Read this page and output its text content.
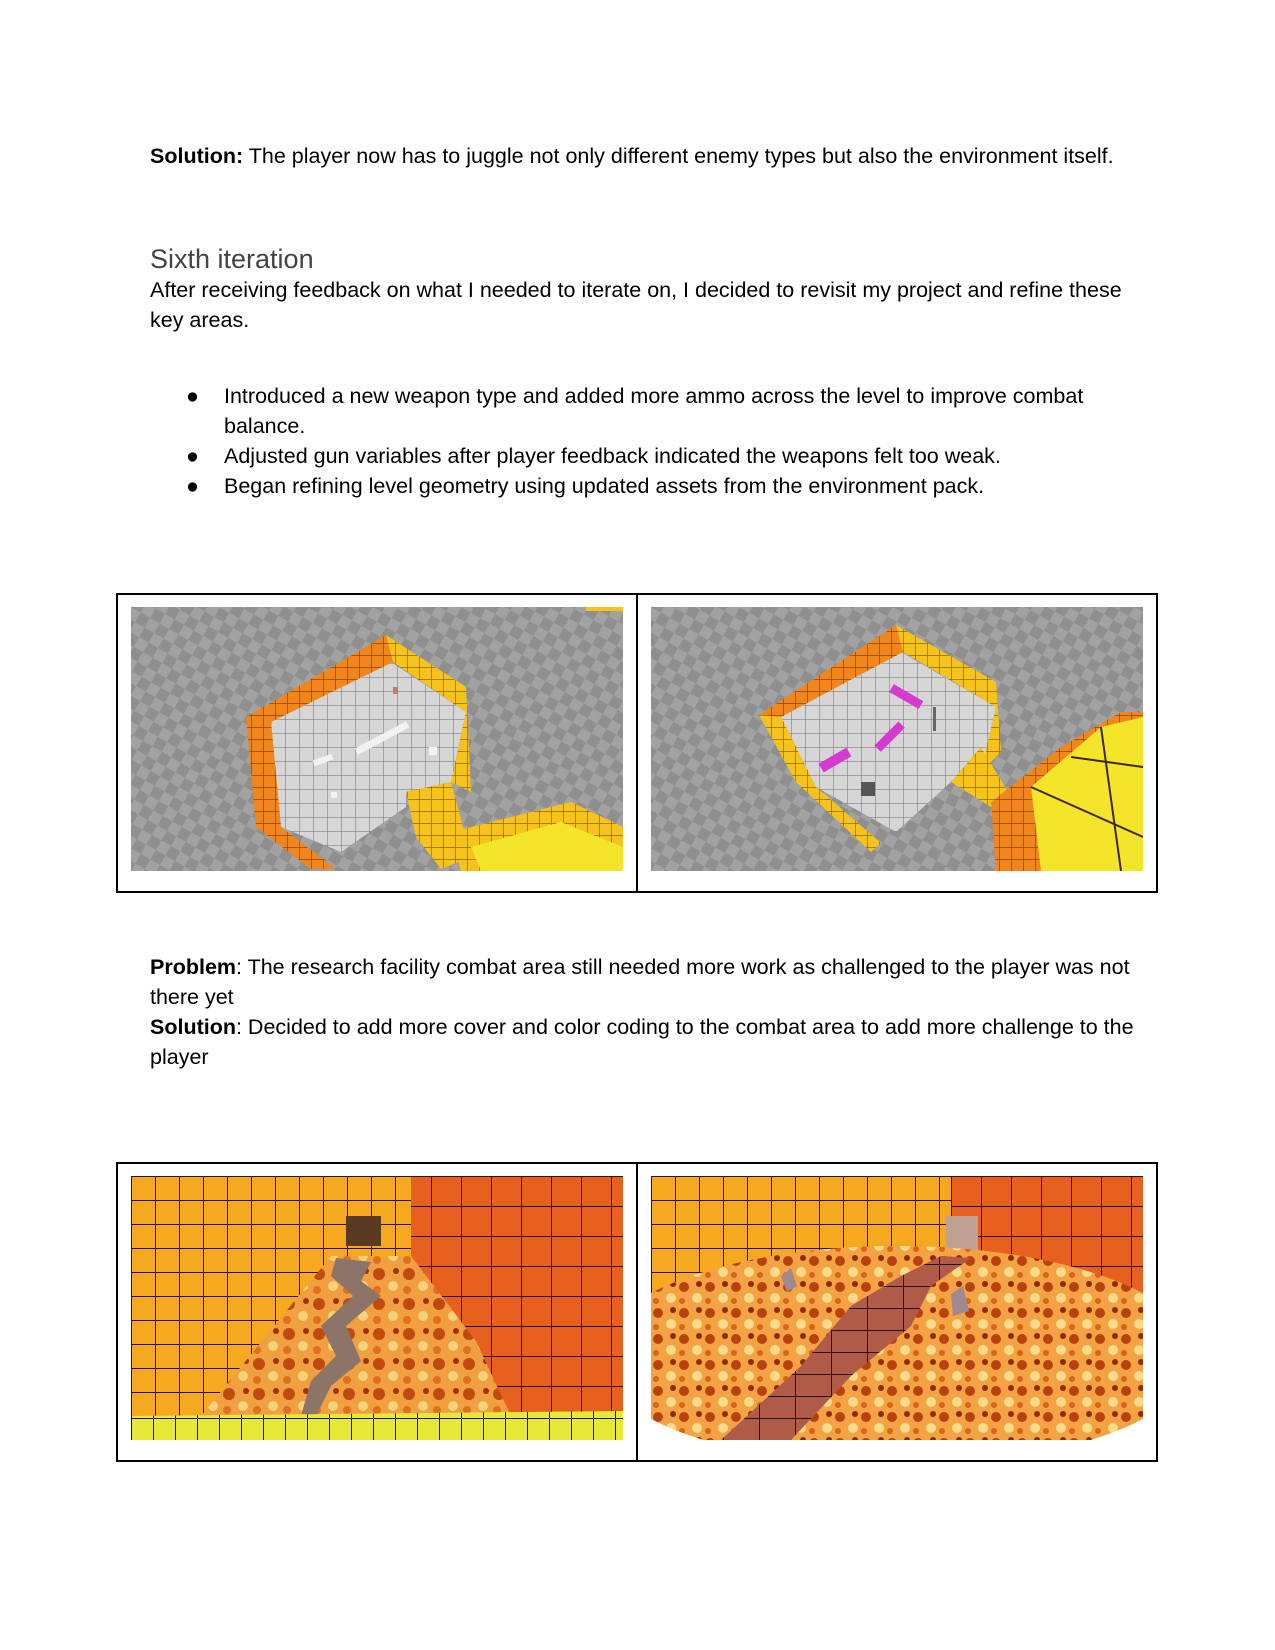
Solution: The player now has to juggle not only different enemy types but also the environment itself.

Sixth iteration

After receiving feedback on what I needed to iterate on, I decided to revisit my project and refine these key areas.

● Introduced a new weapon type and added more ammo across the level to improve combat balance.
● Adjusted gun variables after player feedback indicated the weapons felt too weak.
● Began refining level geometry using updated assets from the environment pack.

Problem: The research facility combat area still needed more work as challenged to the player was not there yet

Solution: Decided to add more cover and color coding to the combat area to add more challenge to the player
